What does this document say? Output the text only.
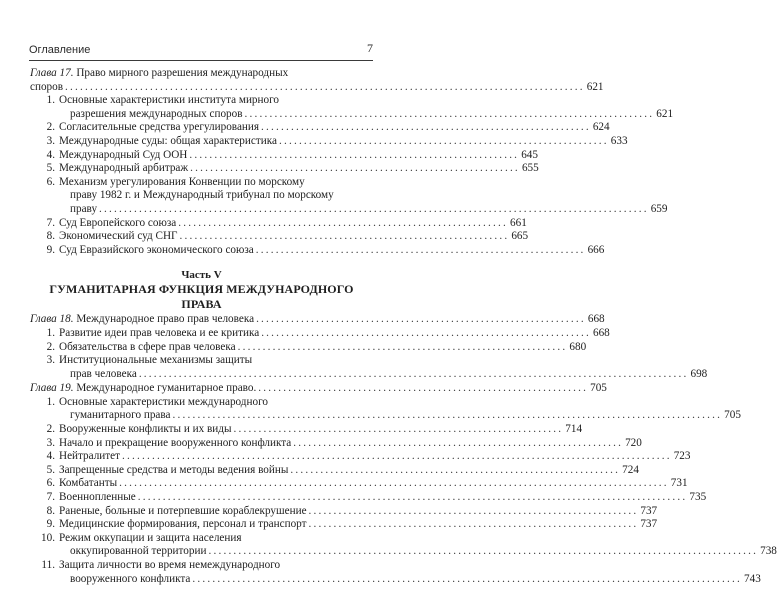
Оглавление	7
Глава 17. Право мирного разрешения международных
споров ........................................................................................................ 621
1. Основные характеристики института мирного
разрешения международных споров .................................................................................. 621
2. Согласительные средства урегулирования .................................................................. 624
3. Международные суды: общая характеристика .................................................................. 633
4. Международный Суд ООН .................................................................. 645
5. Международный арбитраж .................................................................. 655
6. Механизм урегулирования Конвенции по морскому
праву 1982 г. и Международный трибунал по морскому
праву .............................................................................................................. 659
7. Суд Европейского союза .................................................................. 661
8. Экономический суд СНГ .................................................................. 665
9. Суд Евразийского экономического союза .................................................................. 666
Часть V
ГУМАНИТАРНАЯ ФУНКЦИЯ МЕЖДУНАРОДНОГО ПРАВА
Глава 18. Международное право прав человека .................................................................. 668
1. Развитие идеи прав человека и ее критика .................................................................. 668
2. Обязательства в сфере прав человека .................................................................. 680
3. Институциональные механизмы защиты
прав человека .............................................................................................................. 698
Глава 19. Международное гуманитарное право. .................................................................. 705
1. Основные характеристики международного
гуманитарного права .............................................................................................................. 705
2. Вооруженные конфликты и их виды .................................................................. 714
3. Начало и прекращение вооруженного конфликта .................................................................. 720
4. Нейтралитет .............................................................................................................. 723
5. Запрещенные средства и методы ведения войны .................................................................. 724
6. Комбатанты .............................................................................................................. 731
7. Военнопленные .............................................................................................................. 735
8. Раненые, больные и потерпевшие кораблекрушение .................................................................. 737
9. Медицинские формирования, персонал и транспорт .................................................................. 737
10. Режим оккупации и защита населения
оккупированной территории .............................................................................................................. 738
11. Защита личности во время немеждународного
вооруженного конфликта .............................................................................................................. 743
